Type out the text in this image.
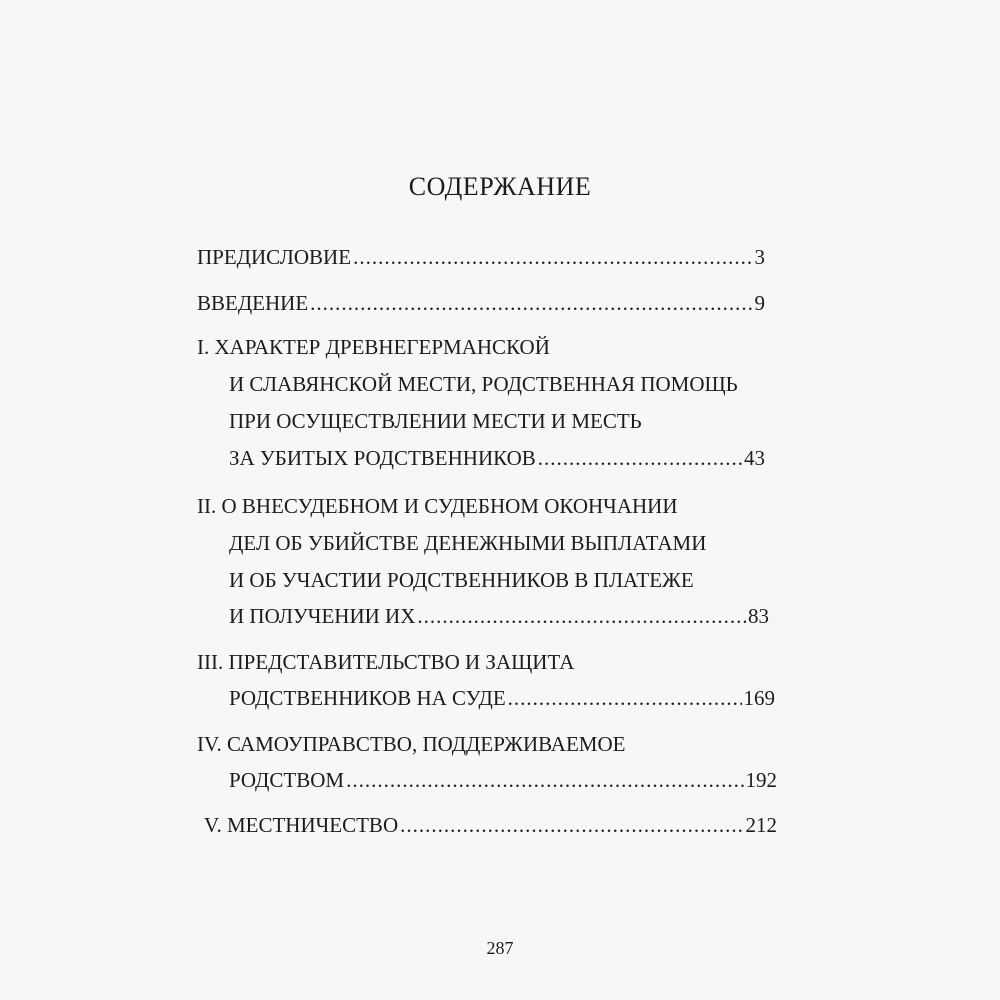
СОДЕРЖАНИЕ
ПРЕДИСЛОВИЕ .....	3
ВВЕДЕНИЕ .....	9
I. ХАРАКТЕР ДРЕВНЕГЕРМАНСКОЙ
И СЛАВЯНСКОЙ МЕСТИ, РОДСТВЕННАЯ ПОМОЩЬ
ПРИ ОСУЩЕСТВЛЕНИИ МЕСТИ И МЕСТЬ
ЗА УБИТЫХ РОДСТВЕННИКОВ .....	43
II. О ВНЕСУДЕБНОМ И СУДЕБНОМ ОКОНЧАНИИ
ДЕЛ ОБ УБИЙСТВЕ ДЕНЕЖНЫМИ ВЫПЛАТАМИ
И ОБ УЧАСТИИ РОДСТВЕННИКОВ В ПЛАТЕЖЕ
И ПОЛУЧЕНИИ ИХ .....	83
III. ПРЕДСТАВИТЕЛЬСТВО И ЗАЩИТА
РОДСТВЕННИКОВ НА СУДЕ .....	169
IV. САМОУПРАВСТВО, ПОДДЕРЖИВАЕМОЕ
РОДСТВОМ .....	192
V. МЕСТНИЧЕСТВО .....	212
287
